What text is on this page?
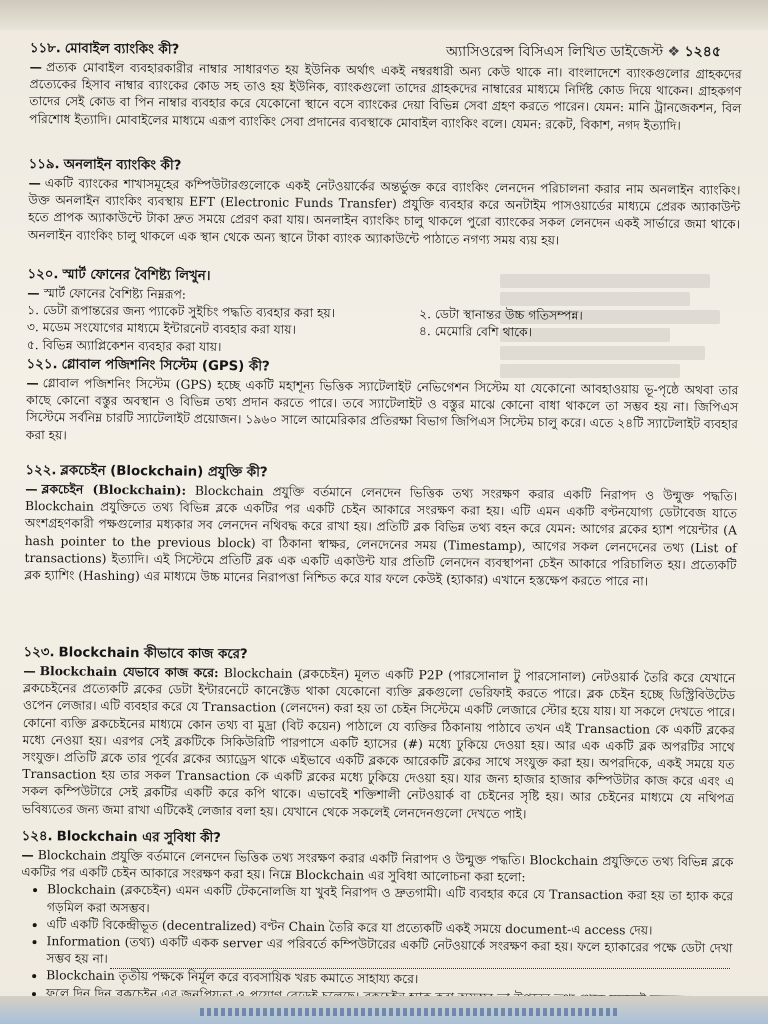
অ্যাসিওরেন্স বিসিএস লিখিত ডাইজেস্ট ❖ ১২৪৫
১১৮. মোবাইল ব্যাংকিং কী?

— প্রত্যক মোবাইল ব্যবহারকারীর নাম্বার সাধারণত হয় ইউনিক অর্থাৎ একই নম্বরধারী অন্য কেউ থাকে না। বাংলাদেশে ব্যাংকগুলোর গ্রাহকদের প্রত্যেকের হিসাব নাম্বার ব্যাংকের কোড সহ তাও হয় ইউনিক, ব্যাংকগুলো তাদের গ্রাহকদের নাম্বারের মাধ্যমে নির্দিষ্ট কোড দিয়ে থাকেন। গ্রাহকগণ তাদের সেই কোড বা পিন নাম্বার ব্যবহার করে যেকোনো স্থানে বসে ব্যাংকের দেয়া বিভিন্ন সেবা গ্রহণ করতে পারেন। যেমন: মানি ট্রানজেকশন, বিল পরিশোধ ইত্যাদি। মোবাইলের মাধ্যমে এরূপ ব্যাংকিং সেবা প্রদানের ব্যবস্থাকে মোবাইল ব্যাংকিং বলে। যেমন: রকেট, বিকাশ, নগদ ইত্যাদি।

১১৯. অনলাইন ব্যাংকিং কী?

— একটি ব্যাংকের শাখাসমূহের কম্পিউটারগুলোকে একই নেটওয়ার্কের অন্তর্ভুক্ত করে ব্যাংকিং লেনদেন পরিচালনা করার নাম অনলাইন ব্যাংকিং। উক্ত অনলাইন ব্যাংকিং ব্যবস্থায় EFT (Electronic Funds Transfer) প্রযুক্তি ব্যবহার করে অনটাইম পাসওয়ার্ডের মাধ্যমে প্রেরক অ্যাকাউন্ট হতে প্রাপক অ্যাকাউন্টে টাকা দ্রুত সময়ে প্রেরণ করা যায়। অনলাইন ব্যাংকিং চালু থাকলে পুরো ব্যাংকের সকল লেনদেন একই সার্ভারে জমা থাকে। অনলাইন ব্যাংকিং চালু থাকলে এক স্থান থেকে অন্য স্থানে টাকা ব্যাংক অ্যাকাউন্টে পাঠাতে নগণ্য সময় ব্যয় হয়।

১২০. স্মার্ট ফোনের বৈশিষ্ট্য লিখুন।

— স্মার্ট ফোনের বৈশিষ্ট্য নিম্নরূপ:

১. ডেটা রূপান্তরের জন্য প্যাকেট সুইচিং পদ্ধতি ব্যবহার করা হয়।	২. ডেটা স্থানান্তর উচ্চ গতিসম্পন্ন। ৩. মডেম সংযোগের মাধ্যমে ইন্টারনেট ব্যবহার করা যায়।	৪. মেমোরি বেশি থাকে। ৫. বিভিন্ন অ্যাপ্লিকেশন ব্যবহার করা যায়।
১২১. গ্লোবাল পজিশনিং সিস্টেম (GPS) কী?

— গ্লোবাল পজিশনিং সিস্টেম (GPS) হচ্ছে একটি মহাশূন্য ভিত্তিক স্যাটেলাইট নেভিগেশন সিস্টেম যা যেকোনো আবহাওয়ায় ভূ-পৃষ্ঠে অথবা তার কাছে কোনো বস্তুর অবস্থান ও বিভিন্ন তথ্য প্রদান করতে পারে। তবে স্যাটেলাইট ও বস্তুর মাঝে কোনো বাধা থাকলে তা সম্ভব হয় না। জিপিএস সিস্টেমে সর্বনিম্ন চারটি স্যাটেলাইট প্রয়োজন। ১৯৬০ সালে আমেরিকার প্রতিরক্ষা বিভাগ জিপিএস সিস্টেম চালু করে। এতে ২৪টি স্যাটেলাইট ব্যবহার করা হয়।

১২২. ব্লকচেইন (Blockchain) প্রযুক্তি কী?

— ব্লকচেইন (Blockchain): Blockchain প্রযুক্তি বর্তমানে লেনদেন ভিত্তিক তথ্য সংরক্ষণ করার একটি নিরাপদ ও উন্মুক্ত পদ্ধতি। Blockchain প্রযুক্তিতে তথ্য বিভিন্ন ব্লকে একটির পর একটি চেইন আকারে সংরক্ষণ করা হয়। এটি এমন একটি বণ্টনযোগ্য ডেটাবেজ যাতে অংশগ্রহণকারী পক্ষগুলোর মধ্যকার সব লেনদেন নথিবদ্ধ করে রাখা হয়। প্রতিটি ব্লক বিভিন্ন তথ্য বহন করে যেমন: আগের ব্লকের হ্যাশ পয়েন্টার (A hash pointer to the previous block) বা ঠিকানা স্বাক্ষর, লেনদেনের সময় (Timestamp), আগের সকল লেনদেনের তথ্য (List of transactions) ইত্যাদি। এই সিস্টেমে প্রতিটি ব্লক এক একটি একাউন্ট যার প্রতিটি লেনদেন ব্যবস্থাপনা চেইন আকারে পরিচালিত হয়। প্রত্যেকটি ব্লক হ্যাশিং (Hashing) এর মাধ্যমে উচ্চ মানের নিরাপত্তা নিশ্চিত করে যার ফলে কেউই (হ্যাকার) এখানে হস্তক্ষেপ করতে পারে না।

১২৩. Blockchain কীভাবে কাজ করে?

— Blockchain যেভাবে কাজ করে: Blockchain (ব্লকচেইন) মূলত একটি P2P (পারসোনাল টু পারসোনাল) নেটওয়ার্ক তৈরি করে যেখানে ব্লকচেইনের প্রত্যেকটি ব্লকের ডেটা ইন্টারনেটে কানেক্টেড থাকা যেকোনো ব্যক্তি ব্লকগুলো ভেরিফাই করতে পারে। ব্লক চেইন হচ্ছে ডিস্ট্রিবিউটেড ওপেন লেজার। এটি ব্যবহার করে যে Transaction (লেনদেন) করা হয় তা চেইন সিস্টেমে একটি লেজারে স্টোর হয়ে যায়। যা সকলে দেখতে পারে। কোনো ব্যক্তি ব্লকচেইনের মাধ্যমে কোন তথ্য বা মুদ্রা (বিট কয়েন) পাঠালে যে ব্যক্তির ঠিকানায় পাঠাবে তখন এই Transaction কে একটি ব্লকের মধ্যে নেওয়া হয়। এরপর সেই ব্লকটিকে সিকিউরিটি পারপাসে একটি হ্যাসের (#) মধ্যে ঢুকিয়ে দেওয়া হয়। আর এক একটি ব্লক অপরটির সাথে সংযুক্ত। প্রতিটি ব্লকে তার পূর্বের ব্লকের অ্যাড্রেস থাকে এইভাবে একটি ব্লককে আরেকটি ব্লকের সাথে সংযুক্ত করা হয়। অপরদিকে, একই সময়ে যত Transaction হয় তার সকল Transaction কে একটি ব্লকের মধ্যে ঢুকিয়ে দেওয়া হয়। যার জন্য হাজার হাজার কম্পিউটার কাজ করে এবং এ সকল কম্পিউটারে সেই ব্লকটির একটি করে কপি থাকে। এভাবেই শক্তিশালী নেটওয়ার্ক বা চেইনের সৃষ্টি হয়। আর চেইনের মাধ্যমে যে নথিপত্র ভবিষ্যতের জন্য জমা রাখা এটিকেই লেজার বলা হয়। যেখানে থেকে সকলেই লেনদেনগুলো দেখতে পাই।

১২৪. Blockchain এর সুবিধা কী?

— Blockchain প্রযুক্তি বর্তমানে লেনদেন ভিত্তিক তথ্য সংরক্ষণ করার একটি নিরাপদ ও উন্মুক্ত পদ্ধতি। Blockchain প্রযুক্তিতে তথ্য বিভিন্ন ব্লকে একটির পর একটি চেইন আকারে সংরক্ষণ করা হয়। নিম্নে Blockchain এর সুবিধা আলোচনা করা হলো:

• Blockchain (ব্লকচেইন) এমন একটি টেকনোলজি যা খুবই নিরাপদ ও দ্রুতগামী। এটি ব্যবহার করে যে Transaction করা হয় তা হ্যাক করে গড়মিল করা অসম্ভব।
• এটি একটি বিকেন্দ্রীভূত (decentralized) বণ্টন Chain তৈরি করে যা প্রত্যেকটি একই সময়ে document-এ access দেয়।
• Information (তথ্য) একটি একক server এর পরিবর্তে কম্পিউটারের একটি নেটওয়ার্কে সংরক্ষণ করা হয়। ফলে হ্যাকারের পক্ষে ডেটা দেখা সম্ভব হয় না।
• Blockchain তৃতীয় পক্ষকে নির্মূল করে ব্যবসায়িক খরচ কমাতে সাহায্য করে।
•
